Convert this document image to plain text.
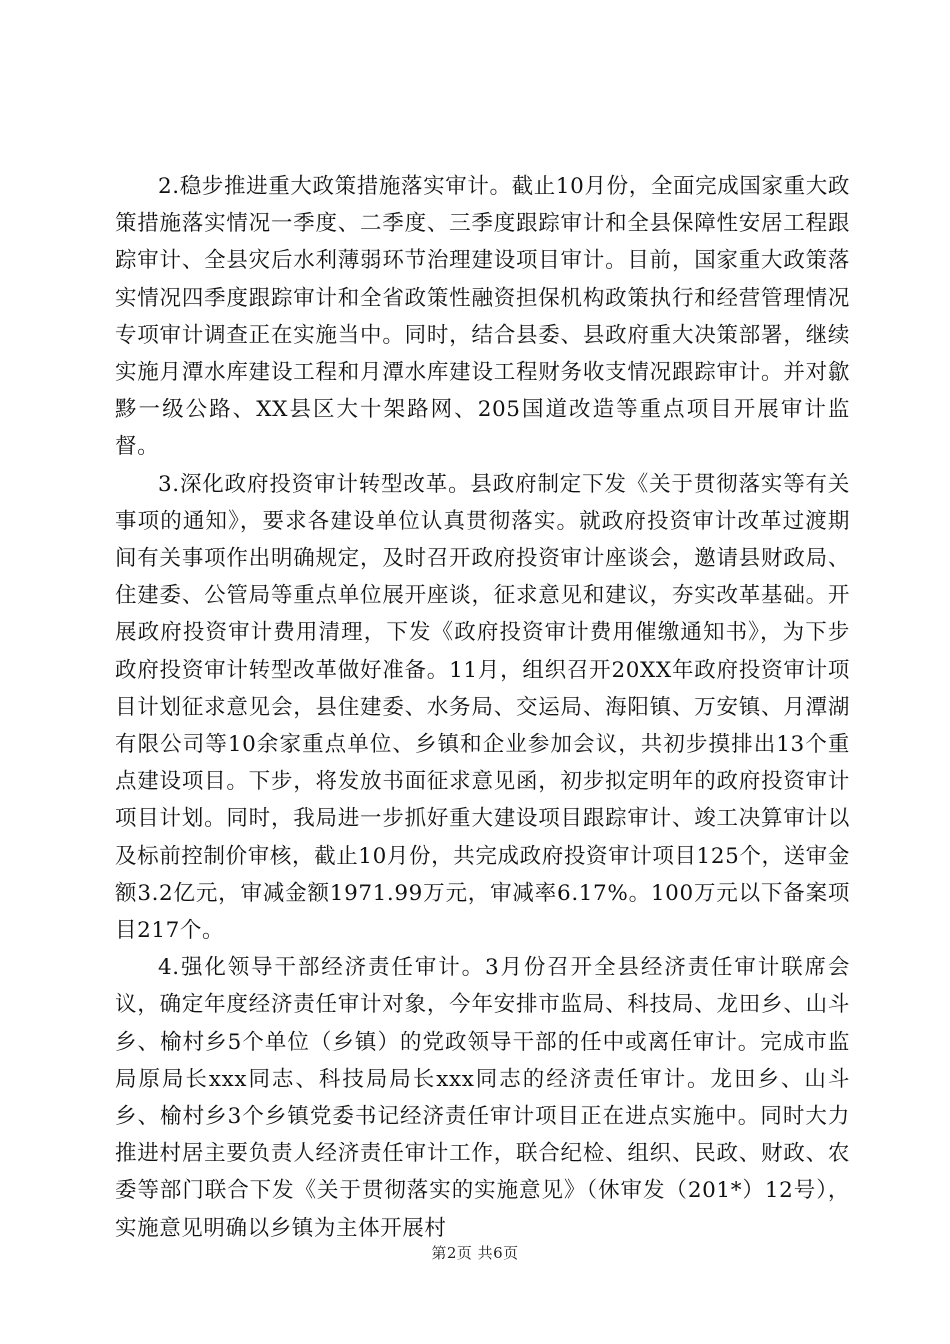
2.稳步推进重大政策措施落实审计。截止10月份，全面完成国家重大政策措施落实情况一季度、二季度、三季度跟踪审计和全县保障性安居工程跟踪审计、全县灾后水利薄弱环节治理建设项目审计。目前，国家重大政策落实情况四季度跟踪审计和全省政策性融资担保机构政策执行和经营管理情况专项审计调查正在实施当中。同时，结合县委、县政府重大决策部署，继续实施月潭水库建设工程和月潭水库建设工程财务收支情况跟踪审计。并对歙黟一级公路、XX县区大十架路网、205国道改造等重点项目开展审计监督。

3.深化政府投资审计转型改革。县政府制定下发《关于贯彻落实等有关事项的通知》，要求各建设单位认真贯彻落实。就政府投资审计改革过渡期间有关事项作出明确规定，及时召开政府投资审计座谈会，邀请县财政局、住建委、公管局等重点单位展开座谈，征求意见和建议，夯实改革基础。开展政府投资审计费用清理，下发《政府投资审计费用催缴通知书》，为下步政府投资审计转型改革做好准备。11月，组织召开20XX年政府投资审计项目计划征求意见会，县住建委、水务局、交运局、海阳镇、万安镇、月潭湖有限公司等10余家重点单位、乡镇和企业参加会议，共初步摸排出13个重点建设项目。下步，将发放书面征求意见函，初步拟定明年的政府投资审计项目计划。同时，我局进一步抓好重大建设项目跟踪审计、竣工决算审计以及标前控制价审核，截止10月份，共完成政府投资审计项目125个，送审金额3.2亿元，审减金额1971.99万元，审减率6.17%。100万元以下备案项目217个。

4.强化领导干部经济责任审计。3月份召开全县经济责任审计联席会议，确定年度经济责任审计对象，今年安排市监局、科技局、龙田乡、山斗乡、榆村乡5个单位（乡镇）的党政领导干部的任中或离任审计。完成市监局原局长xxx同志、科技局局长xxx同志的经济责任审计。龙田乡、山斗乡、榆村乡3个乡镇党委书记经济责任审计项目正在进点实施中。同时大力推进村居主要负责人经济责任审计工作，联合纪检、组织、民政、财政、农委等部门联合下发《关于贯彻落实的实施意见》（休审发（201*）12号），实施意见明确以乡镇为主体开展村

第2页 共6页
